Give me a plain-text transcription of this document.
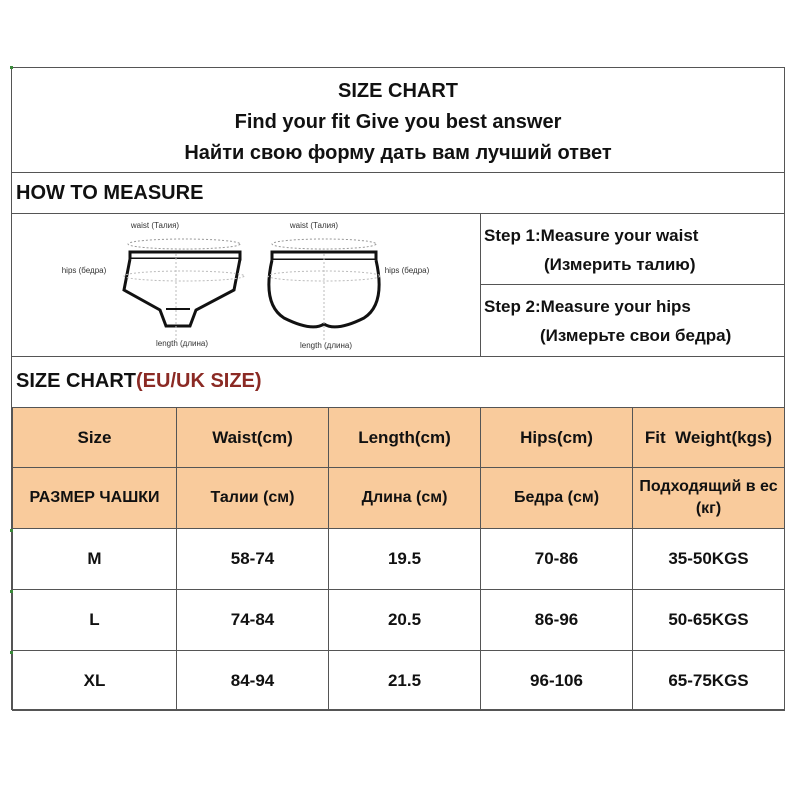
SIZE CHART
Find your fit Give you best answer
Найти свою форму дать вам лучший ответ
HOW TO MEASURE
waist (Талия)
hips (бедра)
length (длина)
waist (Талия)
hips (бедра)
length (длина)
Step 1:Measure your waist
(Измерить талию)
Step 2:Measure your hips
(Измерьте свои бедра)
SIZE CHART(EU/UK SIZE)
Size	Waist(cm)	Length(cm)	Hips(cm)	Fit  Weight(kgs)
РАЗМЕР ЧАШКИ	Талии (см)	Длина (см)	Бедра (см)	Подходящий в ес (кг)
M	58-74	19.5	70-86	35-50KGS
L	74-84	20.5	86-96	50-65KGS
XL	84-94	21.5	96-106	65-75KGS
